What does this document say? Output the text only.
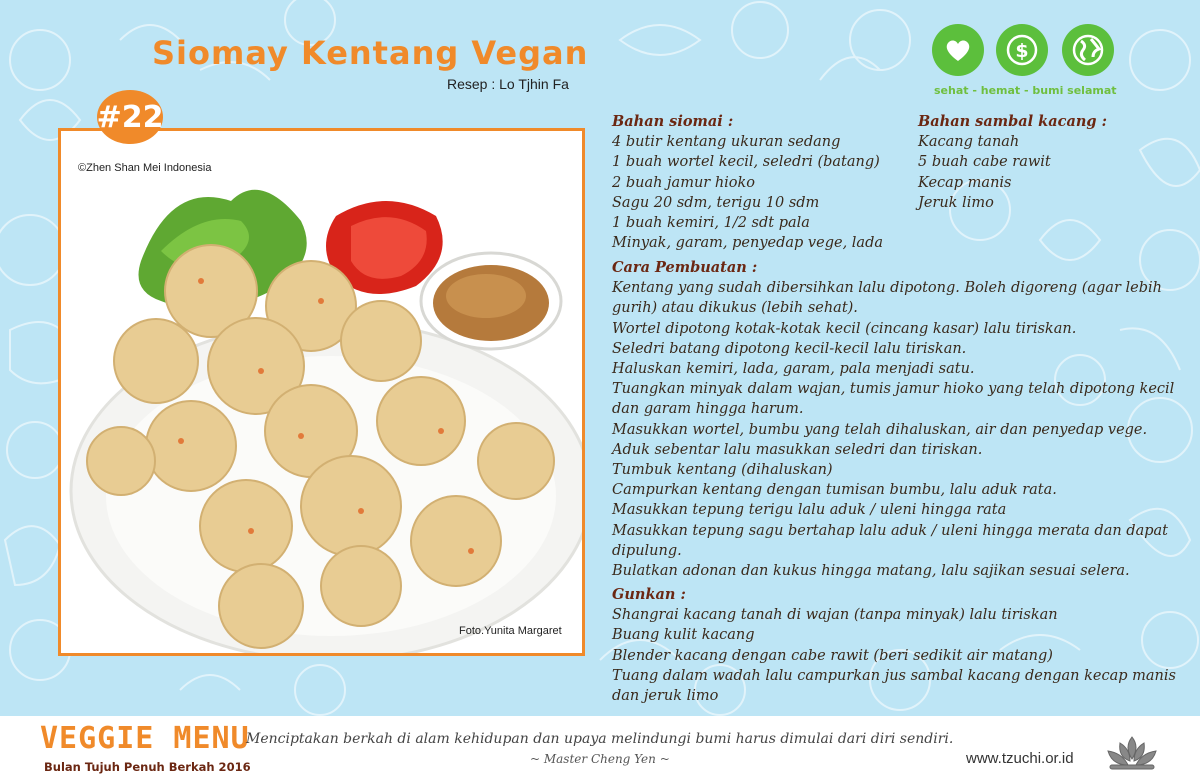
Siomay Kentang Vegan
Resep : Lo Tjhin Fa
#22
$
sehat - hemat - bumi selamat
©Zhen Shan Mei Indonesia
Foto.Yunita Margaret
Bahan siomai :
4 butir kentang ukuran sedang
1 buah wortel kecil, seledri (batang)
2 buah jamur hioko
Sagu 20 sdm, terigu 10 sdm
1 buah kemiri, 1/2 sdt pala
Minyak, garam, penyedap vege, lada
Bahan sambal kacang :
Kacang tanah
5 buah cabe rawit
Kecap manis
Jeruk limo
Cara Pembuatan :
Kentang yang sudah dibersihkan lalu dipotong. Boleh digoreng (agar lebih
gurih) atau dikukus (lebih sehat).
Wortel dipotong kotak-kotak kecil (cincang kasar) lalu tiriskan.
Seledri batang dipotong kecil-kecil lalu tiriskan.
Haluskan kemiri, lada, garam, pala menjadi satu.
Tuangkan minyak dalam wajan, tumis jamur hioko yang telah dipotong kecil
dan garam hingga harum.
Masukkan wortel, bumbu yang telah dihaluskan, air dan penyedap vege.
Aduk sebentar lalu masukkan seledri dan tiriskan.
Tumbuk kentang (dihaluskan)
Campurkan kentang dengan tumisan bumbu, lalu aduk rata.
Masukkan tepung terigu lalu aduk / uleni hingga rata
Masukkan tepung sagu bertahap lalu aduk / uleni hingga merata dan dapat
dipulung.
Bulatkan adonan dan kukus hingga matang, lalu sajikan sesuai selera.
Gunkan :
Shangrai kacang tanah di wajan (tanpa minyak) lalu tiriskan
Buang kulit kacang
Blender kacang dengan cabe rawit (beri sedikit air matang)
Tuang dalam wadah lalu campurkan jus sambal kacang dengan kecap manis
dan jeruk limo
VEGGIE MENU
Bulan Tujuh Penuh Berkah 2016
Menciptakan berkah di alam kehidupan dan upaya melindungi bumi harus dimulai dari diri sendiri.
~ Master Cheng Yen ~	www.tzuchi.or.id
